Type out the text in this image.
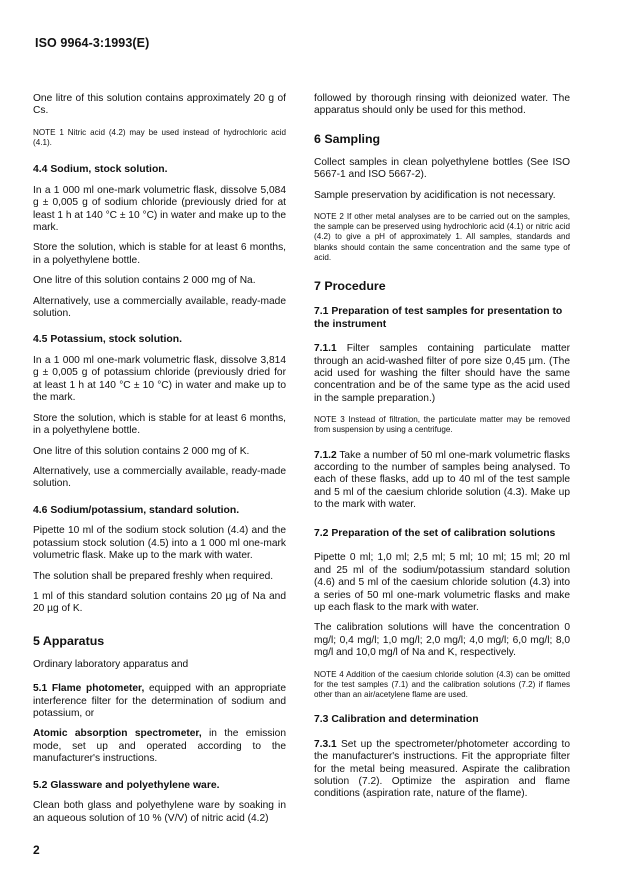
ISO 9964-3:1993(E)

One litre of this solution contains approximately 20 g of Cs.

NOTE 1 Nitric acid (4.2) may be used instead of hydrochloric acid (4.1).

4.4 Sodium, stock solution.

In a 1 000 ml one-mark volumetric flask, dissolve 5,084 g ± 0,005 g of sodium chloride (previously dried for at least 1 h at 140 °C ± 10 °C) in water and make up to the mark.

Store the solution, which is stable for at least 6 months, in a polyethylene bottle.

One litre of this solution contains 2 000 mg of Na.

Alternatively, use a commercially available, ready-made solution.

4.5 Potassium, stock solution.

In a 1 000 ml one-mark volumetric flask, dissolve 3,814 g ± 0,005 g of potassium chloride (previously dried for at least 1 h at 140 °C ± 10 °C) in water and make up to the mark.

Store the solution, which is stable for at least 6 months, in a polyethylene bottle.

One litre of this solution contains 2 000 mg of K.

Alternatively, use a commercially available, ready-made solution.

4.6 Sodium/potassium, standard solution.

Pipette 10 ml of the sodium stock solution (4.4) and the potassium stock solution (4.5) into a 1 000 ml one-mark volumetric flask. Make up to the mark with water.

The solution shall be prepared freshly when required.

1 ml of this standard solution contains 20 µg of Na and 20 µg of K.

5 Apparatus

Ordinary laboratory apparatus and

5.1 Flame photometer, equipped with an appropriate interference filter for the determination of sodium and potassium, or

Atomic absorption spectrometer, in the emission mode, set up and operated according to the manufacturer's instructions.

5.2 Glassware and polyethylene ware.

Clean both glass and polyethylene ware by soaking in an aqueous solution of 10 % (V/V) of nitric acid (4.2)

followed by thorough rinsing with deionized water. The apparatus should only be used for this method.

6 Sampling

Collect samples in clean polyethylene bottles (See ISO 5667-1 and ISO 5667-2).

Sample preservation by acidification is not necessary.

NOTE 2 If other metal analyses are to be carried out on the samples, the sample can be preserved using hydrochloric acid (4.1) or nitric acid (4.2) to give a pH of approximately 1. All samples, standards and blanks should contain the same concentration and the same type of acid.

7 Procedure
7.1 Preparation of test samples for presentation to the instrument

7.1.1 Filter samples containing particulate matter through an acid-washed filter of pore size 0,45 µm. (The acid used for washing the filter should have the same concentration and be of the same type as the acid used in the sample preparation.)

NOTE 3 Instead of filtration, the particulate matter may be removed from suspension by using a centrifuge.

7.1.2 Take a number of 50 ml one-mark volumetric flasks according to the number of samples being analysed. To each of these flasks, add up to 40 ml of the test sample and 5 ml of the caesium chloride solution (4.3). Make up to the mark with water.

7.2 Preparation of the set of calibration solutions

Pipette 0 ml; 1,0 ml; 2,5 ml; 5 ml; 10 ml; 15 ml; 20 ml and 25 ml of the sodium/potassium standard solution (4.6) and 5 ml of the caesium chloride solution (4.3) into a series of 50 ml one-mark volumetric flasks and make up each flask to the mark with water.

The calibration solutions will have the concentration 0 mg/l; 0,4 mg/l; 1,0 mg/l; 2,0 mg/l; 4,0 mg/l; 6,0 mg/l; 8,0 mg/l and 10,0 mg/l of Na and K, respectively.

NOTE 4 Addition of the caesium chloride solution (4.3) can be omitted for the test samples (7.1) and the calibration solutions (7.2) if flames other than an air/acetylene flame are used.

7.3 Calibration and determination

7.3.1 Set up the spectrometer/photometer according to the manufacturer's instructions. Fit the appropriate filter for the metal being measured. Aspirate the calibration solution (7.2). Optimize the aspiration and flame conditions (aspiration rate, nature of the flame).

2
